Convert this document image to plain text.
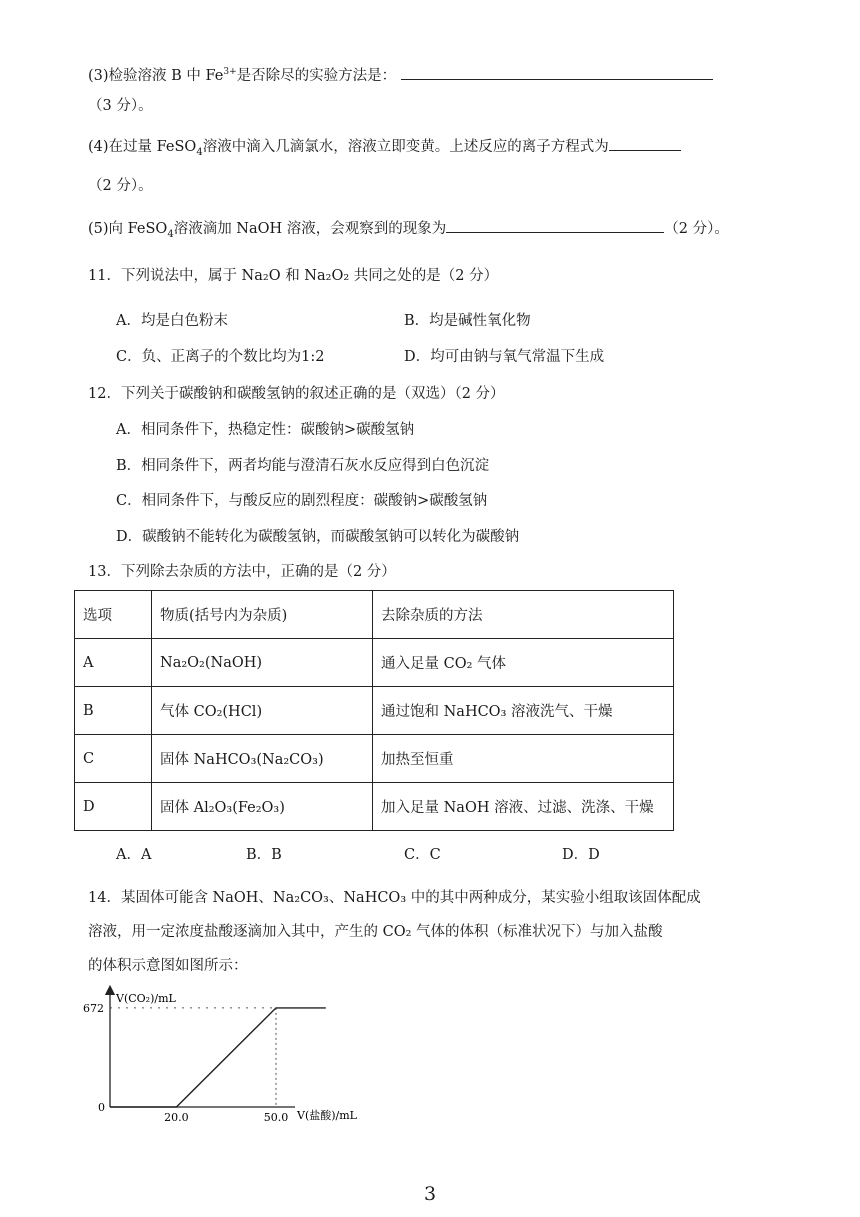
(3)检验溶液 B 中 $Fe^{3+}$是否除尽的实验方法是：
（3 分）。
(4)在过量 FeSO$_4$溶液中滴入几滴氯水，溶液立即变黄。上述反应的离子方程式为
（2 分）。
(5)向 FeSO$_4$溶液滴加 NaOH 溶液，会观察到的现象为	（2 分）。
11．下列说法中，属于 Na₂O 和 Na₂O₂ 共同之处的是（2 分）
A．均是白色粉末	B．均是碱性氧化物
C．负、正离子的个数比均为1:2	D．均可由钠与氧气常温下生成
12．下列关于碳酸钠和碳酸氢钠的叙述正确的是（双选）（2 分）
A．相同条件下，热稳定性：碳酸钠>碳酸氢钠
B．相同条件下，两者均能与澄清石灰水反应得到白色沉淀
C．相同条件下，与酸反应的剧烈程度：碳酸钠>碳酸氢钠
D．碳酸钠不能转化为碳酸氢钠，而碳酸氢钠可以转化为碳酸钠
13．下列除去杂质的方法中，正确的是（2 分）
选项	物质(括号内为杂质)	去除杂质的方法
A	Na₂O₂(NaOH)	通入足量 CO₂ 气体
B	气体 CO₂(HCl)	通过饱和 NaHCO₃ 溶液洗气、干燥
C	固体 NaHCO₃(Na₂CO₃)	加热至恒重
D	固体 Al₂O₃(Fe₂O₃)	加入足量 NaOH 溶液、过滤、洗涤、干燥
A．A	B．B	C．C	D．D
14．某固体可能含 NaOH、Na₂CO₃、NaHCO₃ 中的其中两种成分，某实验小组取该固体配成
溶液，用一定浓度盐酸逐滴加入其中，产生的 CO₂ 气体的体积（标准状况下）与加入盐酸
的体积示意图如图所示：
V(CO₂)/mL
V(盐酸)/mL
0
20.0	50.0
672
3
